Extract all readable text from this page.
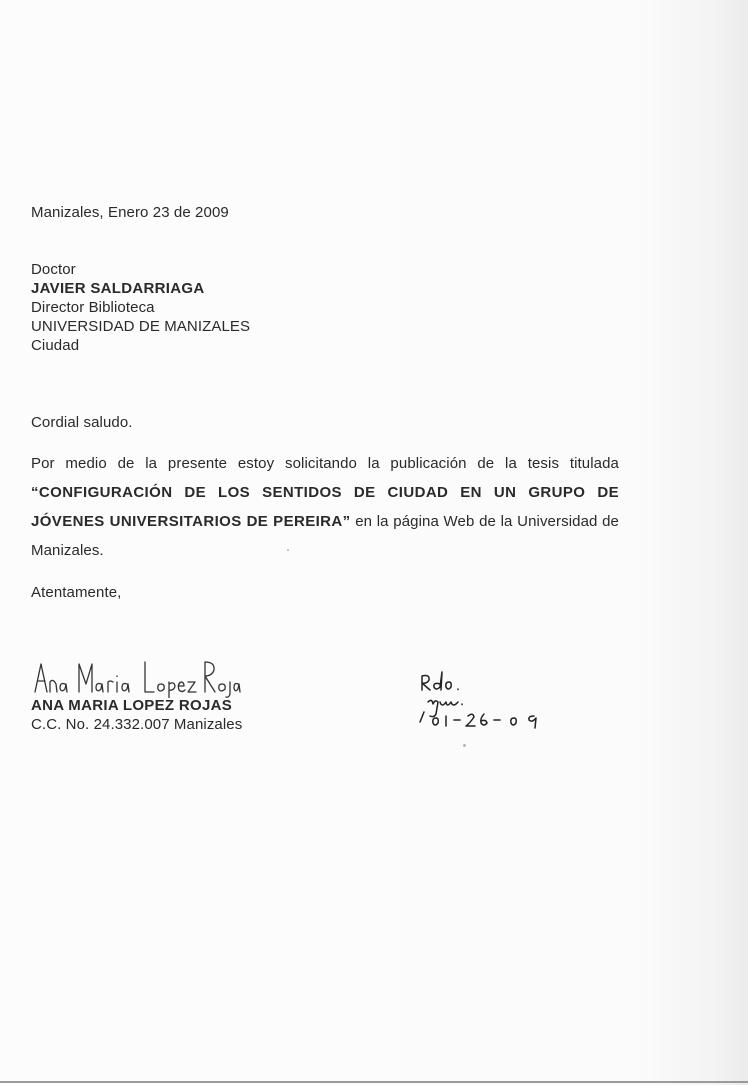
Manizales, Enero 23 de 2009
Doctor
JAVIER SALDARRIAGA
Director Biblioteca
UNIVERSIDAD DE MANIZALES
Ciudad
Cordial saludo.
Por medio de la presente estoy solicitando la publicación de la tesis titulada “CONFIGURACIÓN DE LOS SENTIDOS DE CIUDAD EN UN GRUPO DE JÓVENES UNIVERSITARIOS DE PEREIRA” en la página Web de la Universidad de Manizales.
Atentamente,
ANA MARIA LOPEZ ROJAS
C.C. No. 24.332.007 Manizales
